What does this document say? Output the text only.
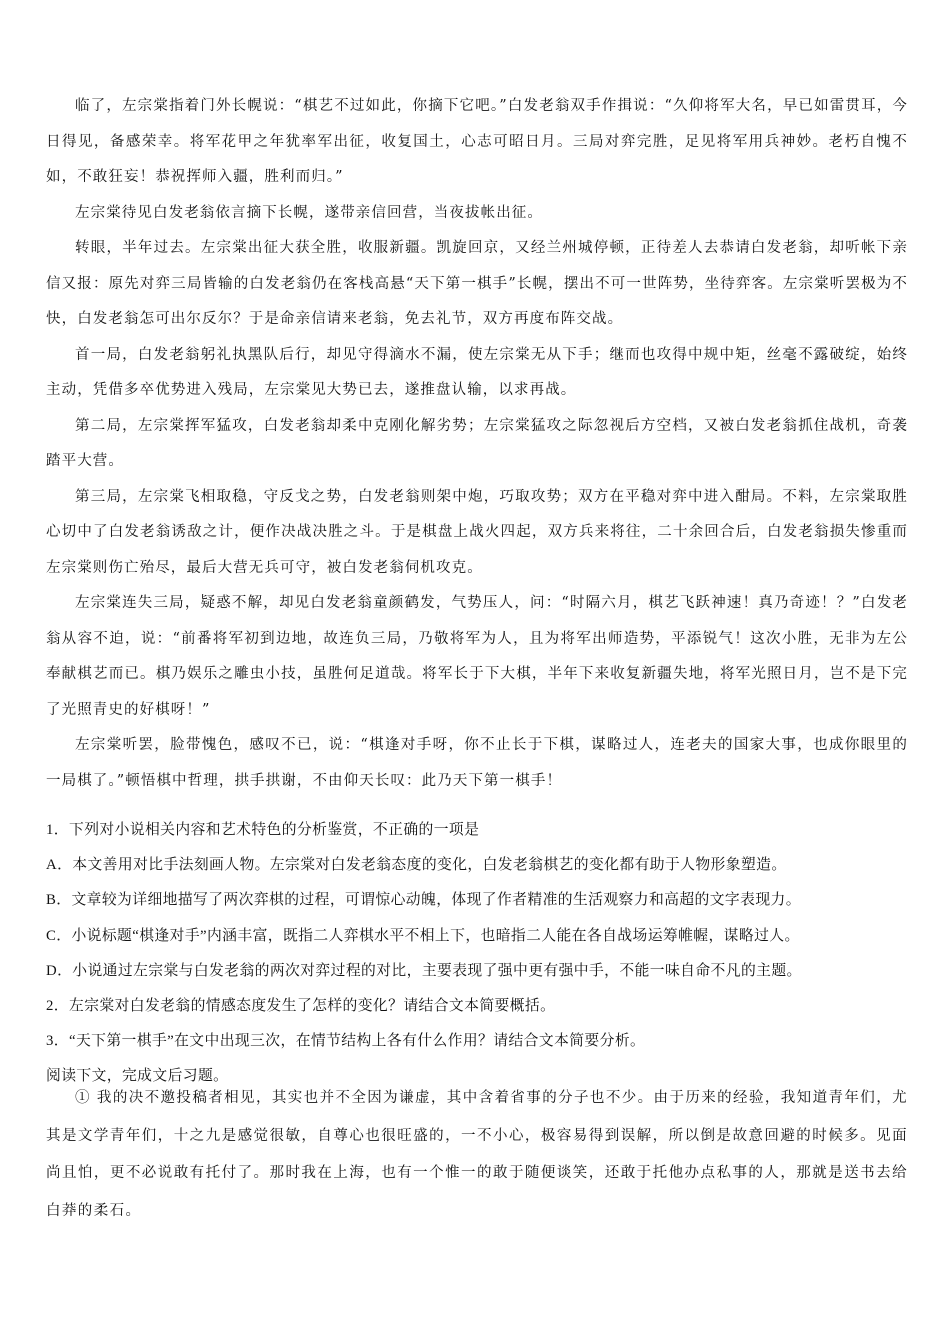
临了，左宗棠指着门外长幌说：“棋艺不过如此，你摘下它吧。”白发老翁双手作揖说：“久仰将军大名，早已如雷贯耳，今日得见，备感荣幸。将军花甲之年犹率军出征，收复国土，心志可昭日月。三局对弈完胜，足见将军用兵神妙。老朽自愧不如，不敢狂妄！恭祝挥师入疆，胜利而归。”

左宗棠待见白发老翁依言摘下长幌，遂带亲信回营，当夜拔帐出征。

转眼，半年过去。左宗棠出征大获全胜，收服新疆。凯旋回京，又经兰州城停顿，正待差人去恭请白发老翁，却听帐下亲信又报：原先对弈三局皆输的白发老翁仍在客栈高悬“天下第一棋手”长幌，摆出不可一世阵势，坐待弈客。左宗棠听罢极为不快，白发老翁怎可出尔反尔？于是命亲信请来老翁，免去礼节，双方再度布阵交战。

首一局，白发老翁躬礼执黑队后行，却见守得滴水不漏，使左宗棠无从下手；继而也攻得中规中矩，丝毫不露破绽，始终主动，凭借多卒优势进入残局，左宗棠见大势已去，遂推盘认输，以求再战。

第二局，左宗棠挥军猛攻，白发老翁却柔中克刚化解劣势；左宗棠猛攻之际忽视后方空档，又被白发老翁抓住战机，奇袭踏平大营。

第三局，左宗棠飞相取稳，守反戈之势，白发老翁则架中炮，巧取攻势；双方在平稳对弈中进入酣局。不料，左宗棠取胜心切中了白发老翁诱敌之计，便作决战决胜之斗。于是棋盘上战火四起，双方兵来将往，二十余回合后，白发老翁损失惨重而左宗棠则伤亡殆尽，最后大营无兵可守，被白发老翁伺机攻克。

左宗棠连失三局，疑惑不解，却见白发老翁童颜鹤发，气势压人，问：“时隔六月，棋艺飞跃神速！真乃奇迹！？”白发老翁从容不迫，说：“前番将军初到边地，故连负三局，乃敬将军为人，且为将军出师造势，平添锐气！这次小胜，无非为左公奉献棋艺而已。棋乃娱乐之雕虫小技，虽胜何足道哉。将军长于下大棋，半年下来收复新疆失地，将军光照日月，岂不是下完了光照青史的好棋呀！”

左宗棠听罢，脸带愧色，感叹不已，说：“棋逢对手呀，你不止长于下棋，谋略过人，连老夫的国家大事，也成你眼里的一局棋了。”顿悟棋中哲理，拱手拱谢，不由仰天长叹：此乃天下第一棋手！

1．下列对小说相关内容和艺术特色的分析鉴赏，不正确的一项是

A．本文善用对比手法刻画人物。左宗棠对白发老翁态度的变化，白发老翁棋艺的变化都有助于人物形象塑造。

B．文章较为详细地描写了两次弈棋的过程，可谓惊心动魄，体现了作者精准的生活观察力和高超的文字表现力。

C．小说标题“棋逢对手”内涵丰富，既指二人弈棋水平不相上下，也暗指二人能在各自战场运筹帷幄，谋略过人。

D．小说通过左宗棠与白发老翁的两次对弈过程的对比，主要表现了强中更有强中手，不能一味自命不凡的主题。

2．左宗棠对白发老翁的情感态度发生了怎样的变化？请结合文本简要概括。

3．“天下第一棋手”在文中出现三次，在情节结构上各有什么作用？请结合文本简要分析。

阅读下文，完成文后习题。

① 我的决不邀投稿者相见，其实也并不全因为谦虚，其中含着省事的分子也不少。由于历来的经验，我知道青年们，尤其是文学青年们，十之九是感觉很敏，自尊心也很旺盛的，一不小心，极容易得到误解，所以倒是故意回避的时候多。见面尚且怕，更不必说敢有托付了。那时我在上海，也有一个惟一的敢于随便谈笑，还敢于托他办点私事的人，那就是送书去给白莽的柔石。
